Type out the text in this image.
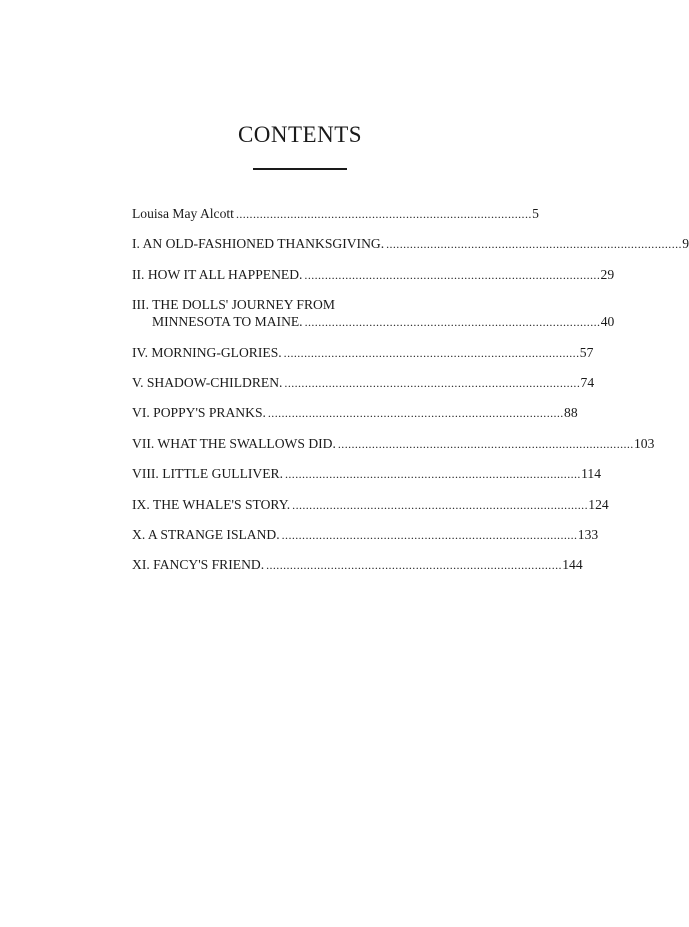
CONTENTS
Louisa May Alcott . . .	5
I. AN OLD-FASHIONED THANKSGIVING. . . .	9
II. HOW IT ALL HAPPENED. . . .	29
III. THE DOLLS' JOURNEY FROM
MINNESOTA TO MAINE. . . .	40
IV. MORNING-GLORIES. . . .	57
V. SHADOW-CHILDREN. . . .	74
VI. POPPY'S PRANKS. . . .	88
VII. WHAT THE SWALLOWS DID. . . .	103
VIII. LITTLE GULLIVER. . . .	114
IX. THE WHALE'S STORY. . . .	124
X. A STRANGE ISLAND. . . .	133
XI. FANCY'S FRIEND. . . .	144
